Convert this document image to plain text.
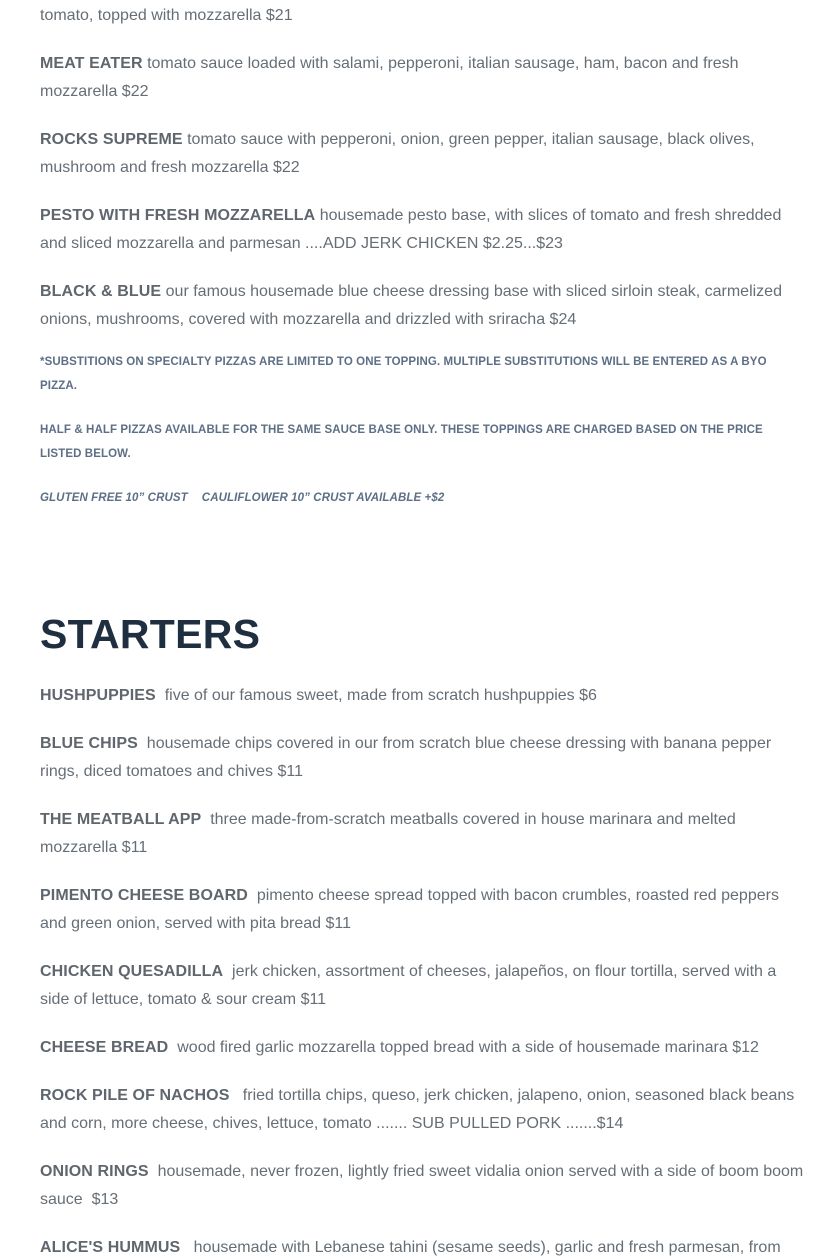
tomato, topped with mozzarella $21

MEAT EATER tomato sauce loaded with salami, pepperoni, italian sausage, ham, bacon and fresh mozzarella $22

ROCKS SUPREME tomato sauce with pepperoni, onion, green pepper, italian sausage, black olives, mushroom and fresh mozzarella $22

PESTO WITH FRESH MOZZARELLA housemade pesto base, with slices of tomato and fresh shredded and sliced mozzarella and parmesan ....ADD JERK CHICKEN $2.25...$23

BLACK & BLUE our famous housemade blue cheese dressing base with sliced sirloin steak, carmelized onions, mushrooms, covered with mozzarella and drizzled with sriracha $24

*SUBSTITIONS ON SPECIALTY PIZZAS ARE LIMITED TO ONE TOPPING. MULTIPLE SUBSTITUTIONS WILL BE ENTERED AS A BYO PIZZA.

HALF & HALF PIZZAS AVAILABLE FOR THE SAME SAUCE BASE ONLY. THESE TOPPINGS ARE CHARGED BASED ON THE PRICE LISTED BELOW.

GLUTEN FREE 10” CRUST CAULIFLOWER 10” CRUST AVAILABLE +$2

STARTERS

HUSHPUPPIES  five of our famous sweet, made from scratch hushpuppies $6

BLUE CHIPS  housemade chips covered in our from scratch blue cheese dressing with banana pepper rings, diced tomatoes and chives $11

THE MEATBALL APP  three made-from-scratch meatballs covered in house marinara and melted mozzarella $11

PIMENTO CHEESE BOARD  pimento cheese spread topped with bacon crumbles, roasted red peppers and green onion, served with pita bread $11

CHICKEN QUESADILLA  jerk chicken, assortment of cheeses, jalapeños, on flour tortilla, served with a side of lettuce, tomato & sour cream $11

CHEESE BREAD  wood fired garlic mozzarella topped bread with a side of housemade marinara $12

ROCK PILE OF NACHOS   fried tortilla chips, queso, jerk chicken, jalapeno, onion, seasoned black beans and corn, more cheese, chives, lettuce, tomato ....... SUB PULLED PORK .......$14

ONION RINGS  housemade, never frozen, lightly fried sweet vidalia onion served with a side of boom boom sauce  $13

ALICE'S HUMMUS   housemade with Lebanese tahini (sesame seeds), garlic and fresh parmesan, from
